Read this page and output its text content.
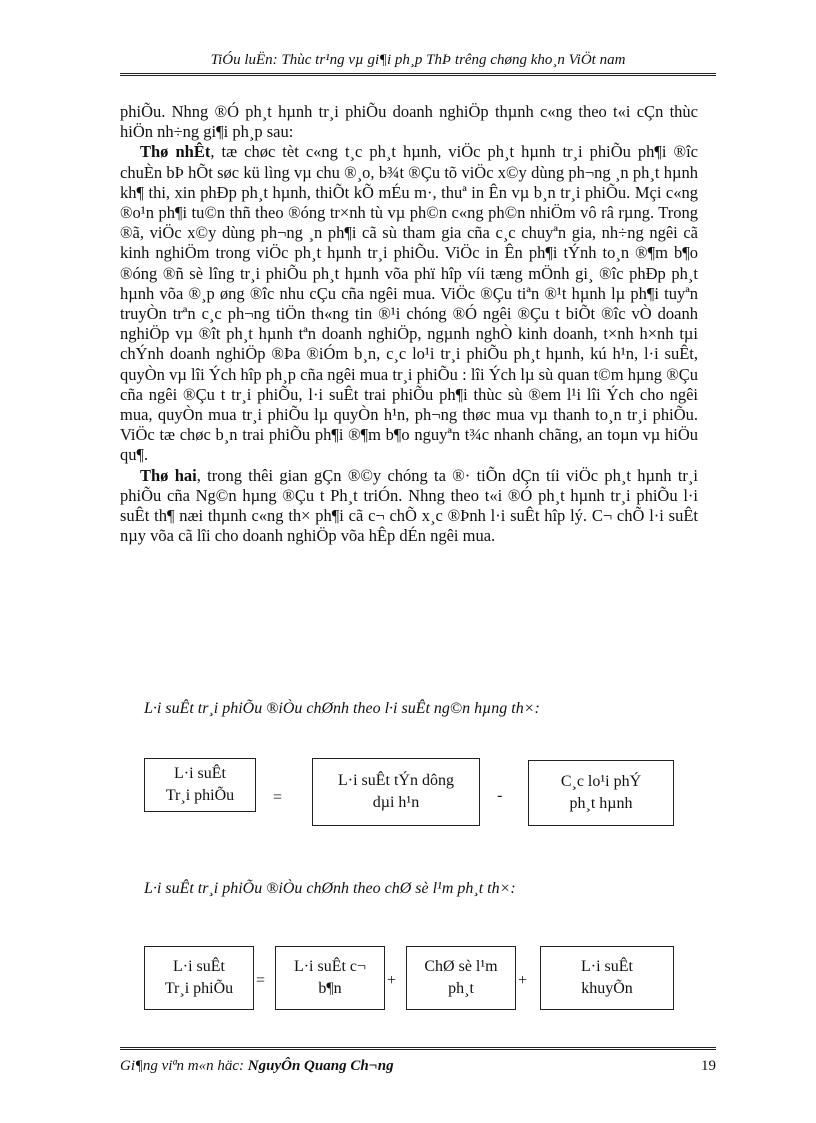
TiÓu luËn: Thùc tr¹ng vµ gi¶i ph¸p ThÞ trêng chøng kho¸n ViÖt nam

phiÕu. Nhng ®Ó ph¸t hµnh tr¸i phiÕu doanh nghiÖp thµnh c«ng theo t«i cÇn thùc hiÖn nh÷ng gi¶i ph¸p sau:

Thø nhÊt, tæ chøc tèt c«ng t¸c ph¸t hµnh, viÖc ph¸t hµnh tr¸i phiÕu ph¶i ®îc chuÈn bÞ hÕt søc kü lìng vµ chu ®¸o, b¾t ®Çu tõ viÖc x©y dùng ph¬ng ¸n ph¸t hµnh kh¶ thi, xin phÐp ph¸t hµnh, thiÕt kÕ mÉu m·, thuª in Ên vµ b¸n tr¸i phiÕu. Mçi c«ng ®o¹n ph¶i tu©n thñ theo ®óng tr×nh tù vµ ph©n c«ng ph©n nhiÖm vô râ rµng. Trong ®ã, viÖc x©y dùng ph¬ng ¸n ph¶i cã sù tham gia cña c¸c chuyªn gia, nh÷ng ngêi cã kinh nghiÖm trong viÖc ph¸t hµnh tr¸i phiÕu. ViÖc in Ên ph¶i tÝnh to¸n ®¶m b¶o ®óng ®ñ sè lîng tr¸i phiÕu ph¸t hµnh võa phï hîp víi tæng mÖnh gi¸ ®îc phÐp ph¸t hµnh võa ®¸p øng ®îc nhu cÇu cña ngêi mua. ViÖc ®Çu tiªn ®¹t hµnh lµ ph¶i tuyªn truyÒn trªn c¸c ph¬ng tiÖn th«ng tin ®¹i chóng ®Ó ngêi ®Çu t biÕt ®îc vÒ doanh nghiÖp vµ ®ît ph¸t hµnh tªn doanh nghiÖp, ngµnh nghÒ kinh doanh, t×nh h×nh tµi chÝnh doanh nghiÖp ®Þa ®iÓm b¸n, c¸c lo¹i tr¸i phiÕu ph¸t hµnh, kú h¹n, l·i suÊt, quyÒn vµ lîi Ých hîp ph¸p cña ngêi mua tr¸i phiÕu : lîi Ých lµ sù quan t©m hµng ®Çu cña ngêi ®Çu t tr¸i phiÕu, l·i suÊt trai phiÕu ph¶i thùc sù ®em l¹i lîi Ých cho ngêi mua, quyÒn mua tr¸i phiÕu lµ quyÒn h¹n, ph¬ng thøc mua vµ thanh to¸n tr¸i phiÕu. ViÖc tæ chøc b¸n trai phiÕu ph¶i ®¶m b¶o nguyªn t¾c nhanh chãng, an toµn vµ hiÖu qu¶.

Thø hai, trong thêi gian gÇn ®©y chóng ta ®· tiÕn dÇn tíi viÖc ph¸t hµnh tr¸i phiÕu cña Ng©n hµng ®Çu t Ph¸t triÓn. Nhng theo t«i ®Ó ph¸t hµnh tr¸i phiÕu l·i suÊt th¶ næi thµnh c«ng th× ph¶i cã c¬ chÕ x¸c ®Þnh l·i suÊt hîp lý. C¬ chÕ l·i suÊt nµy võa cã lîi cho doanh nghiÖp võa hÊp dÉn ngêi mua.

L·i suÊt tr¸i phiÕu ®iÒu chØnh theo l·i suÊt ng©n hµng th×:
L·i suÊt
Tr¸i phiÕu =
L·i suÊt tÝn dông
dµi h¹n	-
C¸c lo¹i phÝ
ph¸t hµnh
L·i suÊt tr¸i phiÕu ®iÒu chØnh theo chØ sè l¹m ph¸t th×:
L·i suÊt
Tr¸i phiÕu =
L·i suÊt c¬
b¶n	+
ChØ sè l¹m
ph¸t	+
L·i suÊt
khuyÕn
Gi¶ng viªn m«n häc: NguyÔn Quang Ch¬ng	19
